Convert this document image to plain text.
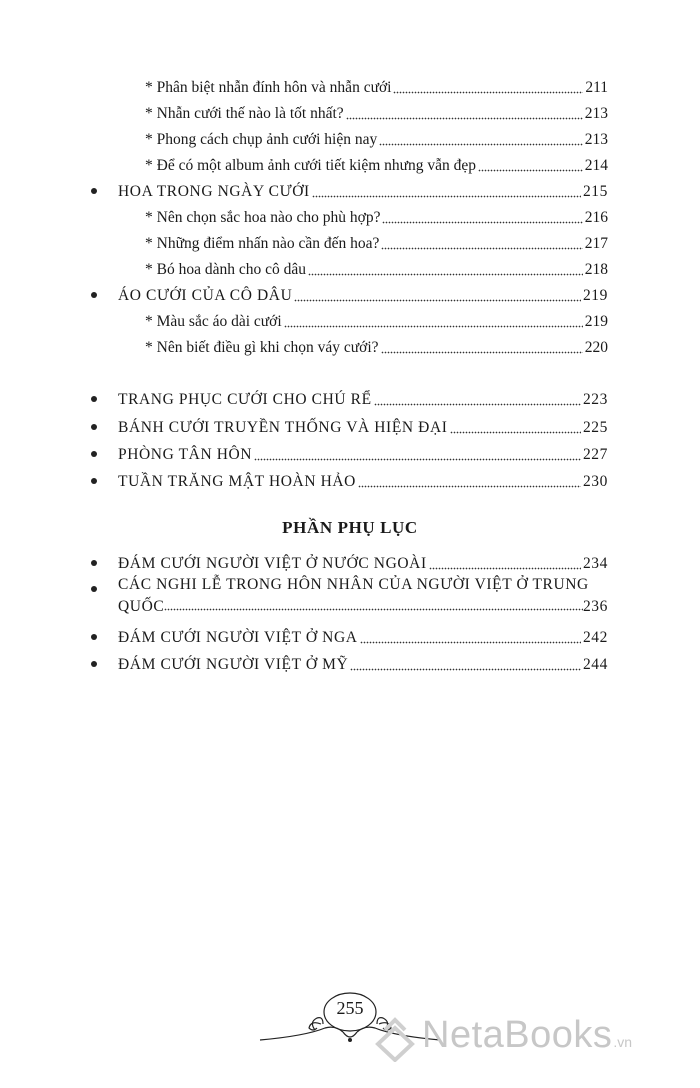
* Phân biệt nhẫn đính hôn và nhẫn cưới	211
* Nhẫn cưới thế nào là tốt nhất?	213
* Phong cách chụp ảnh cưới hiện nay	213
* Để có một album ảnh cưới tiết kiệm nhưng vẫn đẹp	214
HOA TRONG NGÀY CƯỚI	215
* Nên chọn sắc hoa nào cho phù hợp?	216
* Những điểm nhấn nào cần đến hoa?	217
* Bó hoa dành cho cô dâu	218
ÁO CƯỚI CỦA CÔ DÂU	219
* Màu sắc áo dài cưới	219
* Nên biết điều gì khi chọn váy cưới?	220
TRANG PHỤC CƯỚI CHO CHÚ RỂ	223
BÁNH CƯỚI TRUYỀN THỐNG VÀ HIỆN ĐẠI	225
PHÒNG TÂN HÔN	227
TUẦN TRĂNG MẬT HOÀN HẢO	230
PHẦN PHỤ LỤC
ĐÁM CƯỚI NGƯỜI VIỆT Ở NƯỚC NGOÀI	234
CÁC NGHI LỄ TRONG HÔN NHÂN CỦA NGƯỜI VIỆT Ở TRUNG
QUỐC	236
ĐÁM CƯỚI NGƯỜI VIỆT Ở NGA	242
ĐÁM CƯỚI NGƯỜI VIỆT Ở MỸ	244
255
NetaBooks .vn
